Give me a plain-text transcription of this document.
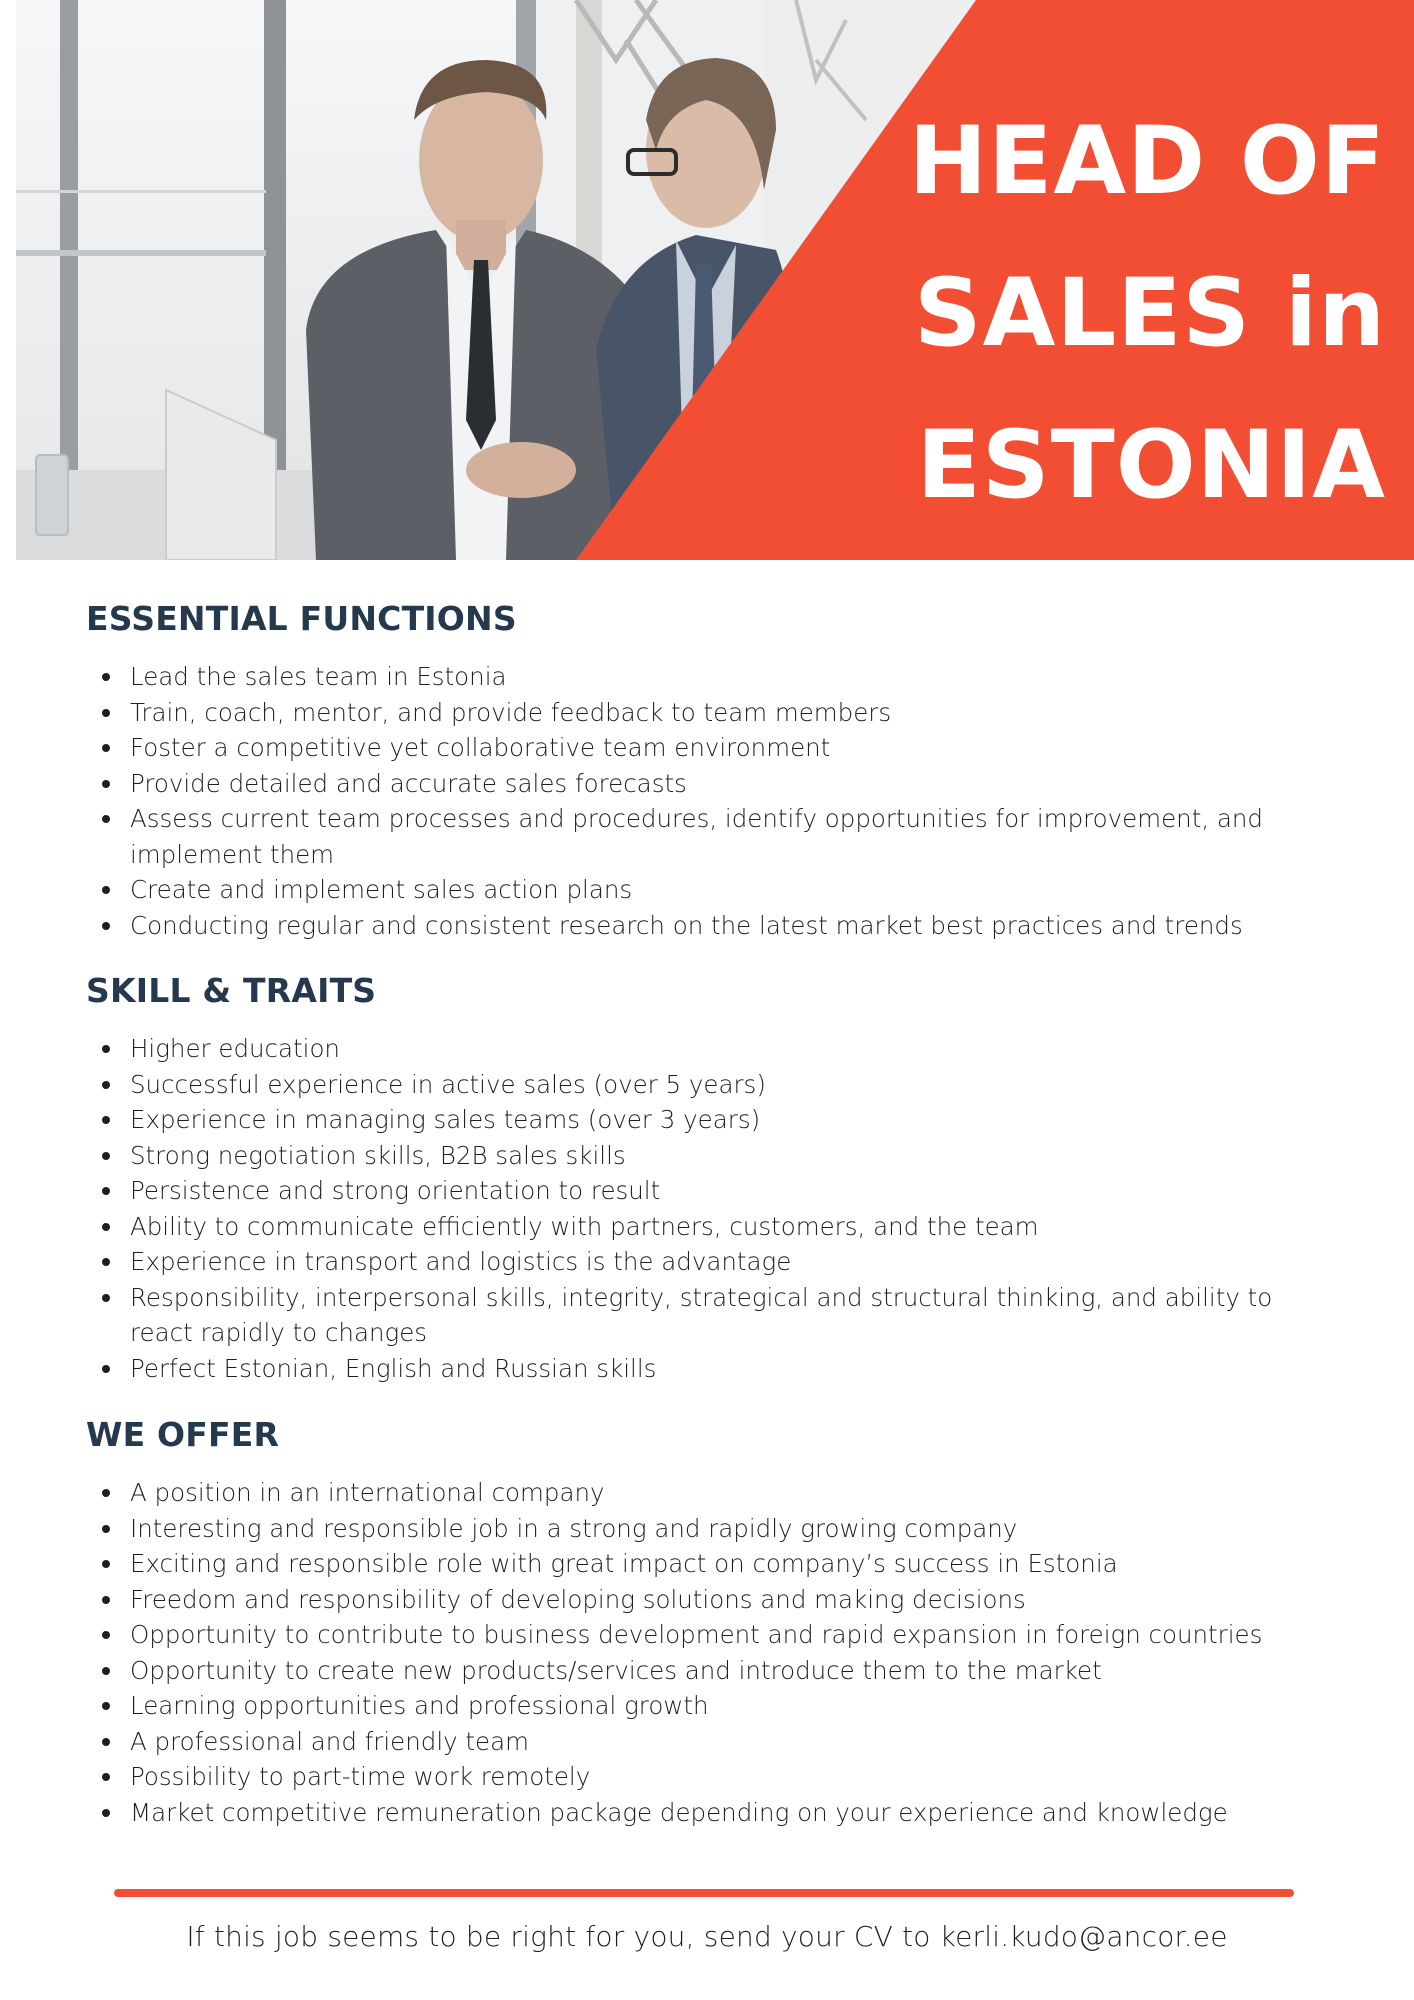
HEAD OF
SALES in
ESTONIA
ESSENTIAL FUNCTIONS
Lead the sales team in Estonia
Train, coach, mentor, and provide feedback to team members
Foster a competitive yet collaborative team environment
Provide detailed and accurate sales forecasts
Assess current team processes and procedures, identify opportunities for improvement, and implement them
Create and implement sales action plans
Conducting regular and consistent research on the latest market best practices and trends
SKILL & TRAITS
Higher education
Successful experience in active sales (over 5 years)
Experience in managing sales teams (over 3 years)
Strong negotiation skills, B2B sales skills
Persistence and strong orientation to result
Ability to communicate efficiently with partners, customers, and the team
Experience in transport and logistics is the advantage
Responsibility, interpersonal skills, integrity, strategical and structural thinking, and ability to react rapidly to changes
Perfect Estonian, English and Russian skills
WE OFFER
A position in an international company
Interesting and responsible job in a strong and rapidly growing company
Exciting and responsible role with great impact on company’s success in Estonia
Freedom and responsibility of developing solutions and making decisions
Opportunity to contribute to business development and rapid expansion in foreign countries
Opportunity to create new products/services and introduce them to the market
Learning opportunities and professional growth
A professional and friendly team
Possibility to part-time work remotely
Market competitive remuneration package depending on your experience and knowledge
If this job seems to be right for you, send your CV to kerli.kudo@ancor.ee
